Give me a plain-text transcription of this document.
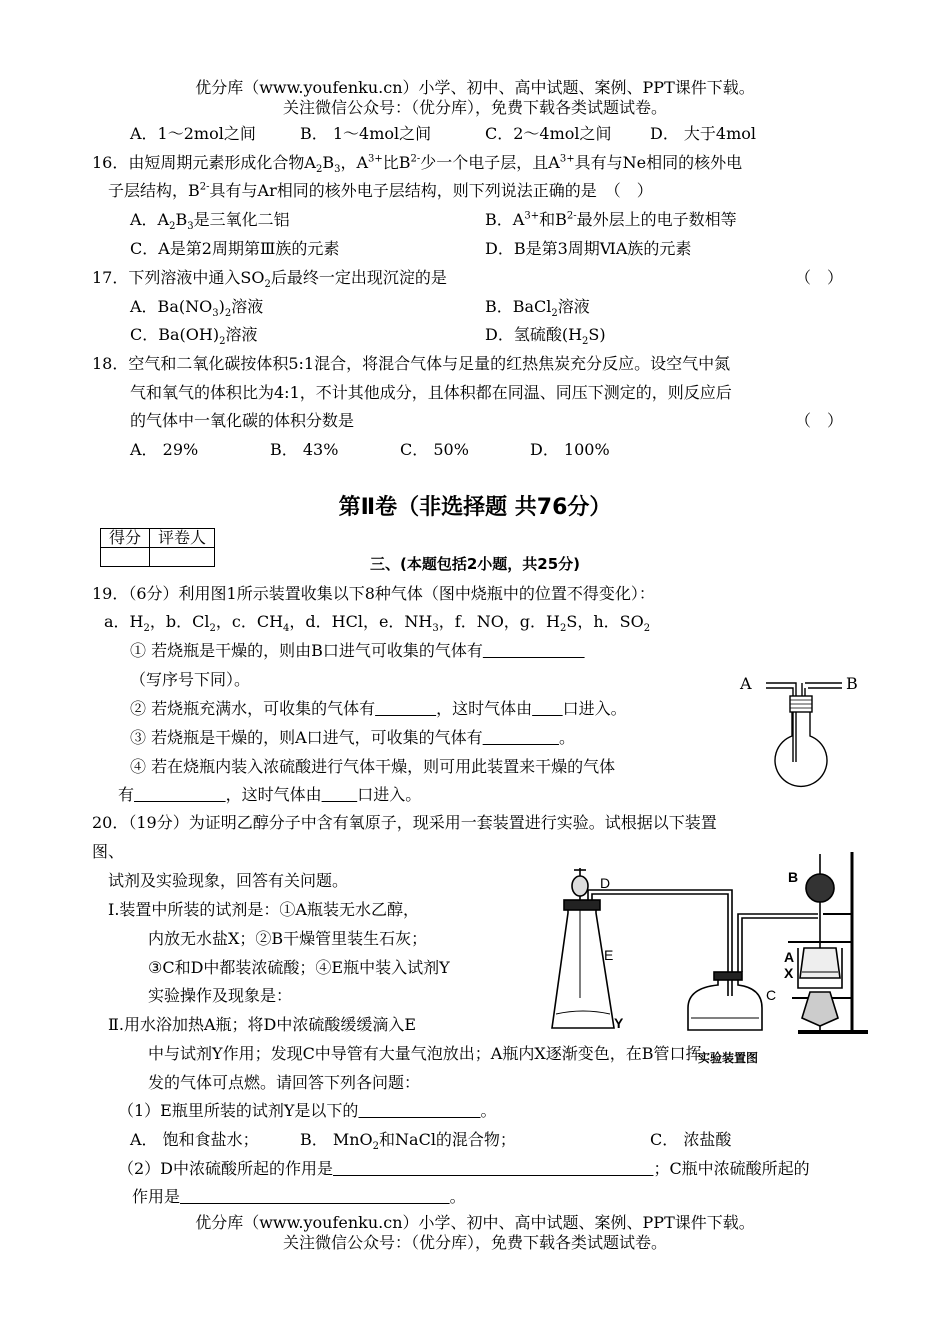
优分库（www.youfenku.cn）小学、初中、高中试题、案例、PPT课件下载。
关注微信公众号：（优分库），免费下载各类试题试卷。
A．1～2mol之间	B． 1～4mol之间	C．2～4mol之间 D． 大于4mol
16．由短周期元素形成化合物$A_2B_3$，$A^{3+}$比$B^{2-}$少一个电子层，且$A^{3+}$具有与Ne相同的核外电
子层结构，$B^{2-}$具有与Ar相同的核外电子层结构，则下列说法正确的是　（　）
A．$A_2B_3$是三氧化二铝	B．$A^{3+}$和$B^{2-}$最外层上的电子数相等
C．A是第2周期第Ⅲ族的元素	D．B是第3周期ⅥA族的元素
17．下列溶液中通入$SO_2$后最终一定出现沉淀的是	（　）
A．$Ba(NO_3)_2$溶液	B．BaCl$_2$溶液
C．$Ba(OH)_2$溶液	D．氢硫酸$(H_2S)$
18．空气和二氧化碳按体积5:1混合，将混合气体与足量的红热焦炭充分反应。设空气中氮
气和氧气的体积比为4:1，不计其他成分，且体积都在同温、同压下测定的，则反应后
的气体中一氧化碳的体积分数是	（　）
A． 29%	B． 43%	C． 50%	D． 100%
第Ⅱ卷（非选择题 共76分）
得分	评卷人

三、(本题包括2小题，共25分)
19．（6分）利用图1所示装置收集以下8种气体（图中烧瓶中的位置不得变化）：
a．$H_2$，b．$Cl_2$，c．$CH_4$，d．HCl，e．$NH_3$，f．NO，g．$H_2S$，h．$SO_2$
① 若烧瓶是干燥的，则由B口进气可收集的气体有
（写序号下同）。
② 若烧瓶充满水，可收集的气体有	，这时气体由 口进入。
③ 若烧瓶是干燥的，则A口进气，可收集的气体有	。
④ 若在烧瓶内装入浓硫酸进行气体干燥，则可用此装置来干燥的气体
有	，这时气体由 口进入。
A	B
20．（19分）为证明乙醇分子中含有氧原子，现采用一套装置进行实验。试根据以下装置
图、
试剂及实验现象，回答有关问题。
Ⅰ.装置中所装的试剂是：①A瓶装无水乙醇，
内放无水盐X；②B干燥管里装生石灰；
③C和D中都装浓硫酸；④E瓶中装入试剂Y
实验操作及现象是：
Ⅱ.用水浴加热A瓶；将D中浓硫酸缓缓滴入E
中与试剂Y作用；发现C中导管有大量气泡放出；A瓶内X逐渐变色，在B管口挥
发的气体可点燃。请回答下列各问题：
（1）E瓶里所装的试剂Y是以下的	。
A． 饱和食盐水；	B． MnO$_2$和NaCl的混合物；	C． 浓盐酸
（2）D中浓硫酸所起的作用是	；C瓶中浓硫酸所起的
作用是	。
D
E
Y
C
B
A
X
实验装置图
优分库（www.youfenku.cn）小学、初中、高中试题、案例、PPT课件下载。
关注微信公众号：（优分库），免费下载各类试题试卷。
